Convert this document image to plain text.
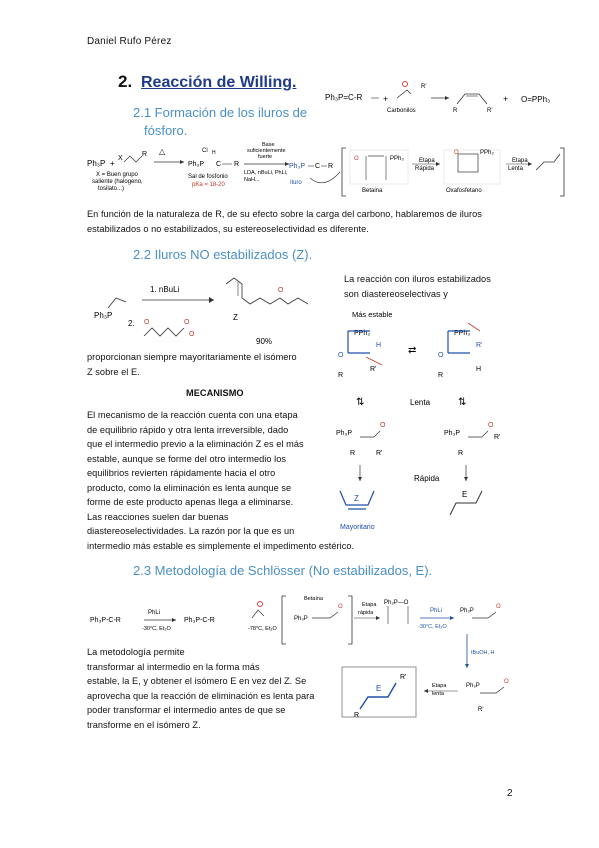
Daniel Rufo Pérez
2. Reacción de Willing.
Ph₃P=C-R +
R'
Carbonilos	R	R'
+ O=PPh₃
2.1 Formación de los iluros de
fósforo.
Ph₃P +
X
R
X = Buen grupo
saliente (halogeno,
tosilato...)
△
Ph₃P
Cl
C
H
R
Sal de fosfonio
pKa = 18-20
Base
suficientemente
fuerte
LDA, nBuLi, PhLi,
NaH...
Ph₃P C R
Iluro
O	PPh₃
Betaina
Etapa
Rápida
O	PPh₃
Oxafosfetano
Etapa
Lenta
En función de la naturaleza de R, de su efecto sobre la carga del carbono, hablaremos de iluros
estabilizados o no estabilizados, su estereoselectividad es diferente.
2.2 Iluros NO estabilizados (Z).
Ph₃P
1. nBuLi
2. O	O
O
Z
O
90%
La reacción con iluros estabilizados
son diastereoselectivas y
proporcionan siempre mayoritariamente el isómero
Z sobre el E.
MECANISMO
El mecanismo de la reacción cuenta con una etapa
de equilibrio rápido y otra lenta irreversible, dado
que el intermedio previo a la eliminación Z es el más
estable, aunque se forme del otro intermedio los
equilibrios revierten rápidamente hacia el otro
producto, como la eliminación es lenta aunque se
forme de este producto apenas llega a eliminarse.
Las reacciones suelen dar buenas
diastereoselectividades. La razón por la que es un
intermedio más estable es simplemente el impedimento estérico.
Más estable
PPh₃
O
H
R
R'
⇄
PPh₃
O
R'
R
H
Lenta
⇅	⇅
Ph₃P
O
R	R'
Ph₃P
O
R
R'
Rápida
Z
Mayoritario
E
2.3 Metodología de Schlösser (No estabilizados, E).
Ph₃P-C-R
PhLi
-30°C, Et₂O
Ph₃P-C-R
-78°C, Et₂O
Betaína
Ph₃P
O	Etapa
rápida
Ph₃P—O
PhLi
-30°C, Et₂O
Ph₃P
O
tBuOH, H
E
R'
R
Etapa
lenta
Ph₃P
O
R'
La metodología permite
transformar al intermedio en la forma más
estable, la E, y obtener el isómero E en vez del Z. Se
aprovecha que la reacción de eliminación es lenta para
poder transformar el intermedio antes de que se
transforme en el isómero Z.
2
